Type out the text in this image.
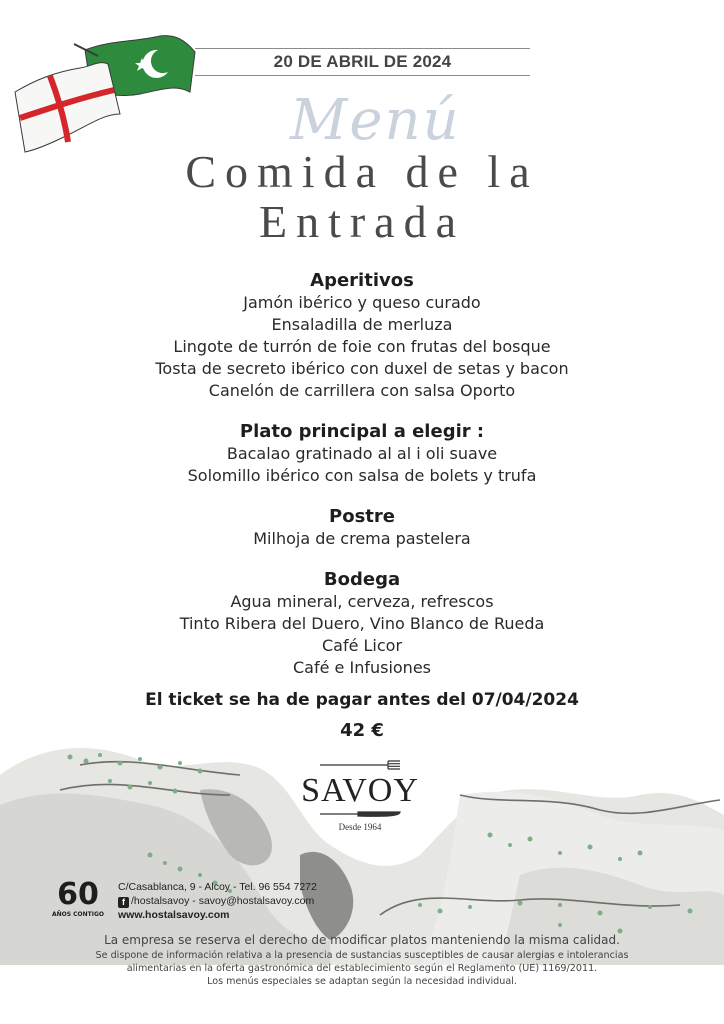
20 DE ABRIL DE 2024
Menú
Comida de la
Entrada
Aperitivos
Jamón ibérico y queso curado
Ensaladilla de merluza
Lingote de turrón de foie con frutas del bosque
Tosta de secreto ibérico con duxel de setas y bacon
Canelón de carrillera con salsa Oporto
Plato principal a elegir :
Bacalao gratinado al al i oli suave
Solomillo ibérico con salsa de bolets y trufa
Postre
Milhoja de crema pastelera
Bodega
Agua mineral, cerveza, refrescos
Tinto Ribera del Duero, Vino Blanco de Rueda
Café Licor
Café e Infusiones
El ticket se ha de pagar antes del 07/04/2024
42 €
SAVOY
Desde 1964
60
AÑOS CONTIGO
C/Casablanca, 9 - Alcoy - Tel. 96 554 7272
f /hostalsavoy - savoy@hostalsavoy.com
www.hostalsavoy.com
La empresa se reserva el derecho de modificar platos manteniendo la misma calidad.
Se dispone de información relativa a la presencia de sustancias susceptibles de causar alergias e intolerancias
alimentarias en la oferta gastronómica del establecimiento según el Reglamento (UE) 1169/2011.
Los menús especiales se adaptan según la necesidad individual.
